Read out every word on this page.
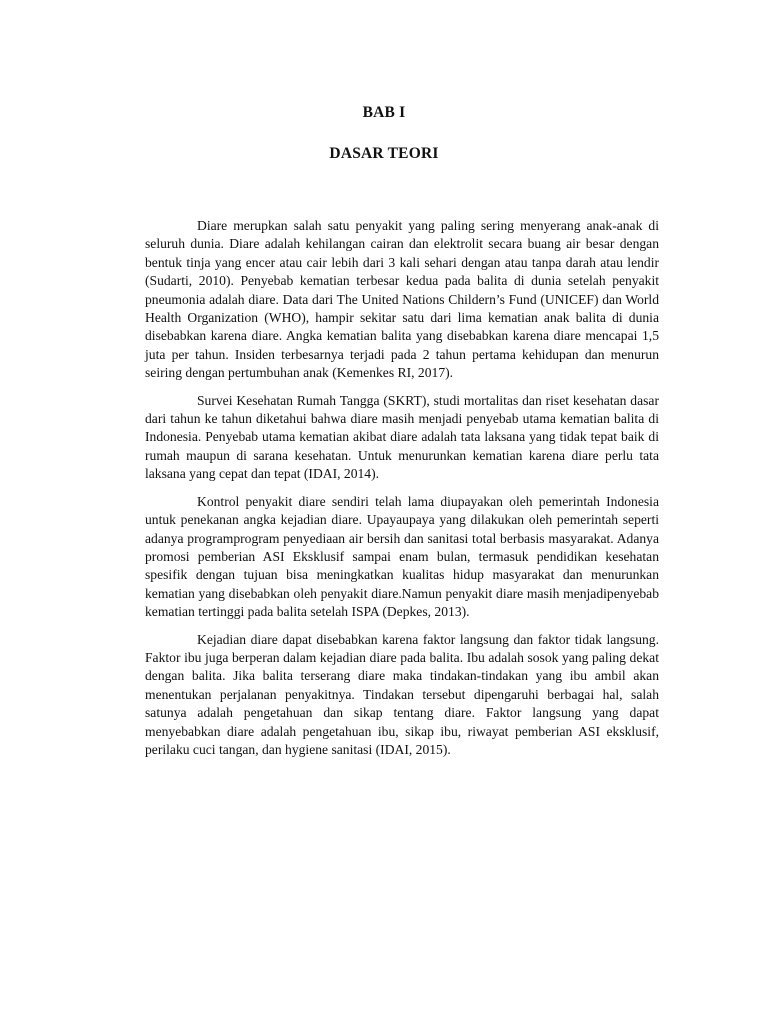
BAB I
DASAR TEORI

Diare merupkan salah satu penyakit yang paling sering menyerang anak-anak di seluruh dunia. Diare adalah kehilangan cairan dan elektrolit secara buang air besar dengan bentuk tinja yang encer atau cair lebih dari 3 kali sehari dengan atau tanpa darah atau lendir (Sudarti, 2010). Penyebab kematian terbesar kedua pada balita di dunia setelah penyakit pneumonia adalah diare. Data dari The United Nations Childern’s Fund (UNICEF) dan World Health Organization (WHO), hampir sekitar satu dari lima kematian anak balita di dunia disebabkan karena diare. Angka kematian balita yang disebabkan karena diare mencapai 1,5 juta per tahun. Insiden terbesarnya terjadi pada 2 tahun pertama kehidupan dan menurun seiring dengan pertumbuhan anak (Kemenkes RI, 2017).

Survei Kesehatan Rumah Tangga (SKRT), studi mortalitas dan riset kesehatan dasar dari tahun ke tahun diketahui bahwa diare masih menjadi penyebab utama kematian balita di Indonesia. Penyebab utama kematian akibat diare adalah tata laksana yang tidak tepat baik di rumah maupun di sarana kesehatan. Untuk menurunkan kematian karena diare perlu tata laksana yang cepat dan tepat (IDAI, 2014).

Kontrol penyakit diare sendiri telah lama diupayakan oleh pemerintah Indonesia untuk penekanan angka kejadian diare. Upayaupaya yang dilakukan oleh pemerintah seperti adanya programprogram penyediaan air bersih dan sanitasi total berbasis masyarakat. Adanya promosi pemberian ASI Eksklusif sampai enam bulan, termasuk pendidikan kesehatan spesifik dengan tujuan bisa meningkatkan kualitas hidup masyarakat dan menurunkan kematian yang disebabkan oleh penyakit diare.Namun penyakit diare masih menjadipenyebab kematian tertinggi pada balita setelah ISPA (Depkes, 2013).

Kejadian diare dapat disebabkan karena faktor langsung dan faktor tidak langsung. Faktor ibu juga berperan dalam kejadian diare pada balita. Ibu adalah sosok yang paling dekat dengan balita. Jika balita terserang diare maka tindakan-tindakan yang ibu ambil akan menentukan perjalanan penyakitnya. Tindakan tersebut dipengaruhi berbagai hal, salah satunya adalah pengetahuan dan sikap tentang diare. Faktor langsung yang dapat menyebabkan diare adalah pengetahuan ibu, sikap ibu, riwayat pemberian ASI eksklusif, perilaku cuci tangan, dan hygiene sanitasi (IDAI, 2015).
